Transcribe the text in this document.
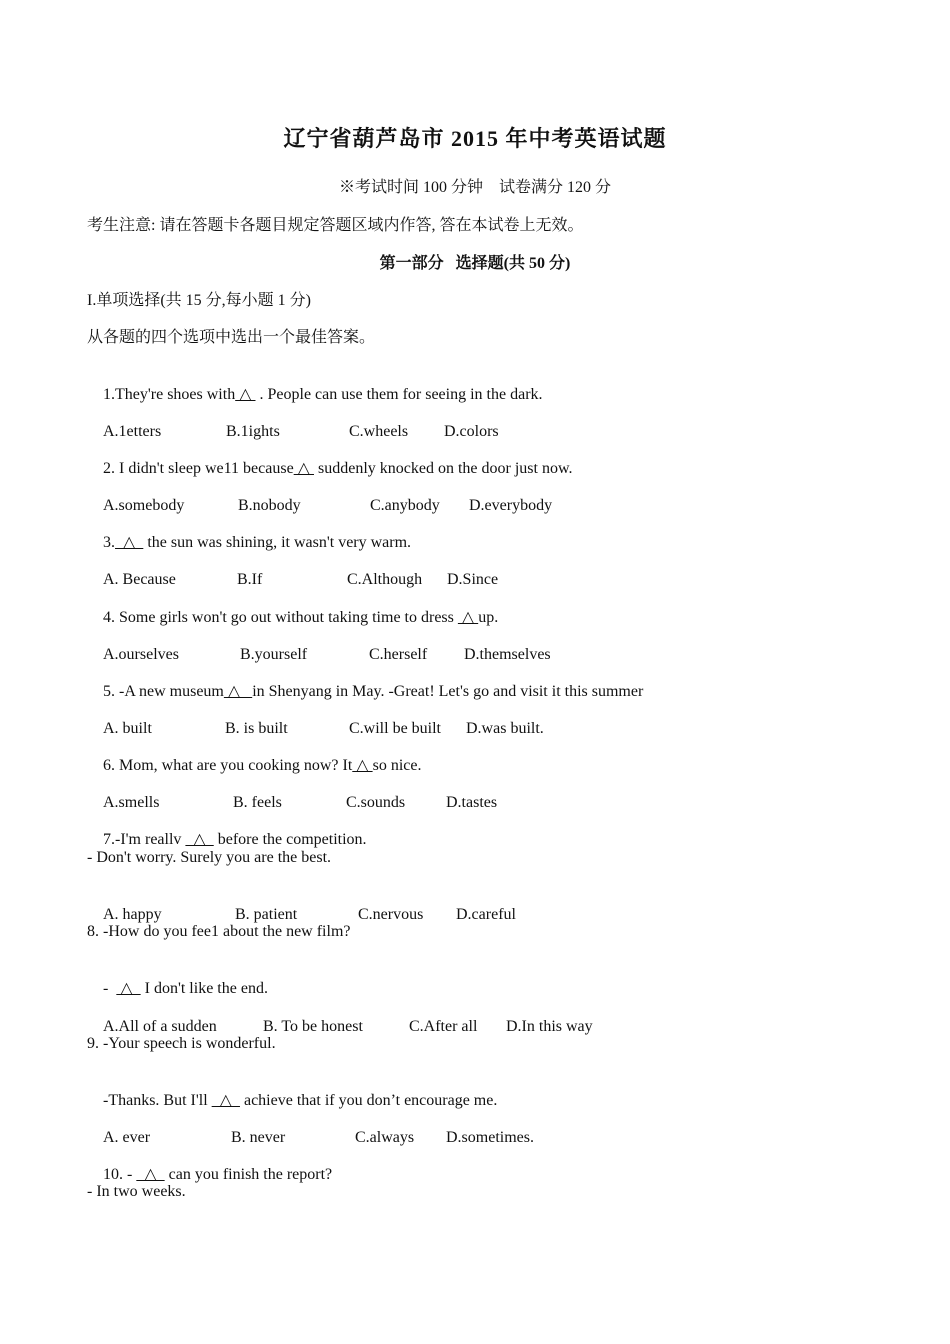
辽宁省葫芦岛市 2015 年中考英语试题
※考试时间 100 分钟    试卷满分 120 分
考生注意: 请在答题卡各题目规定答题区域内作答, 答在本试卷上无效。
第一部分   选择题(共 50 分)
I.单项选择(共 15 分,每小题 1 分)
从各题的四个选项中选出一个最佳答案。

1.They're shoes with △  . People can use them for seeing in the dark.

A.1etters	B.1ights	C.wheels D.colors

2. I didn't sleep we11 because △  suddenly knocked on the door just now.

A.somebody	B.nobody	C.anybody D.everybody

3.  △   the sun was shining, it wasn't very warm.

A. Because	B.If	C.Although D.Since

4. Some girls won't go out without taking time to dress  △ up.

A.ourselves	B.yourself	C.herself D.themselves

5. -A new museum △   in Shenyang in May. -Great! Let's go and visit it this summer

A. built	B. is built	C.will be built D.was built.

6. Mom, what are you cooking now? It △ so nice.

A.smells	B. feels	C.sounds	D.tastes

7.-I'm reallv   △   before the competition.

- Don't worry. Surely you are the best.

A. happy	B. patient	C.nervous D.careful

8. -How do you fee1 about the new film?

-   △   I don't like the end.

A.All of a sudden	B. To be honest	C.After all D.In this way

9. -Your speech is wonderful.

-Thanks. But I'll   △   achieve that if you don’t encourage me.

A. ever	B. never	C.always D.sometimes.

10. -   △   can you finish the report?

- In two weeks.
